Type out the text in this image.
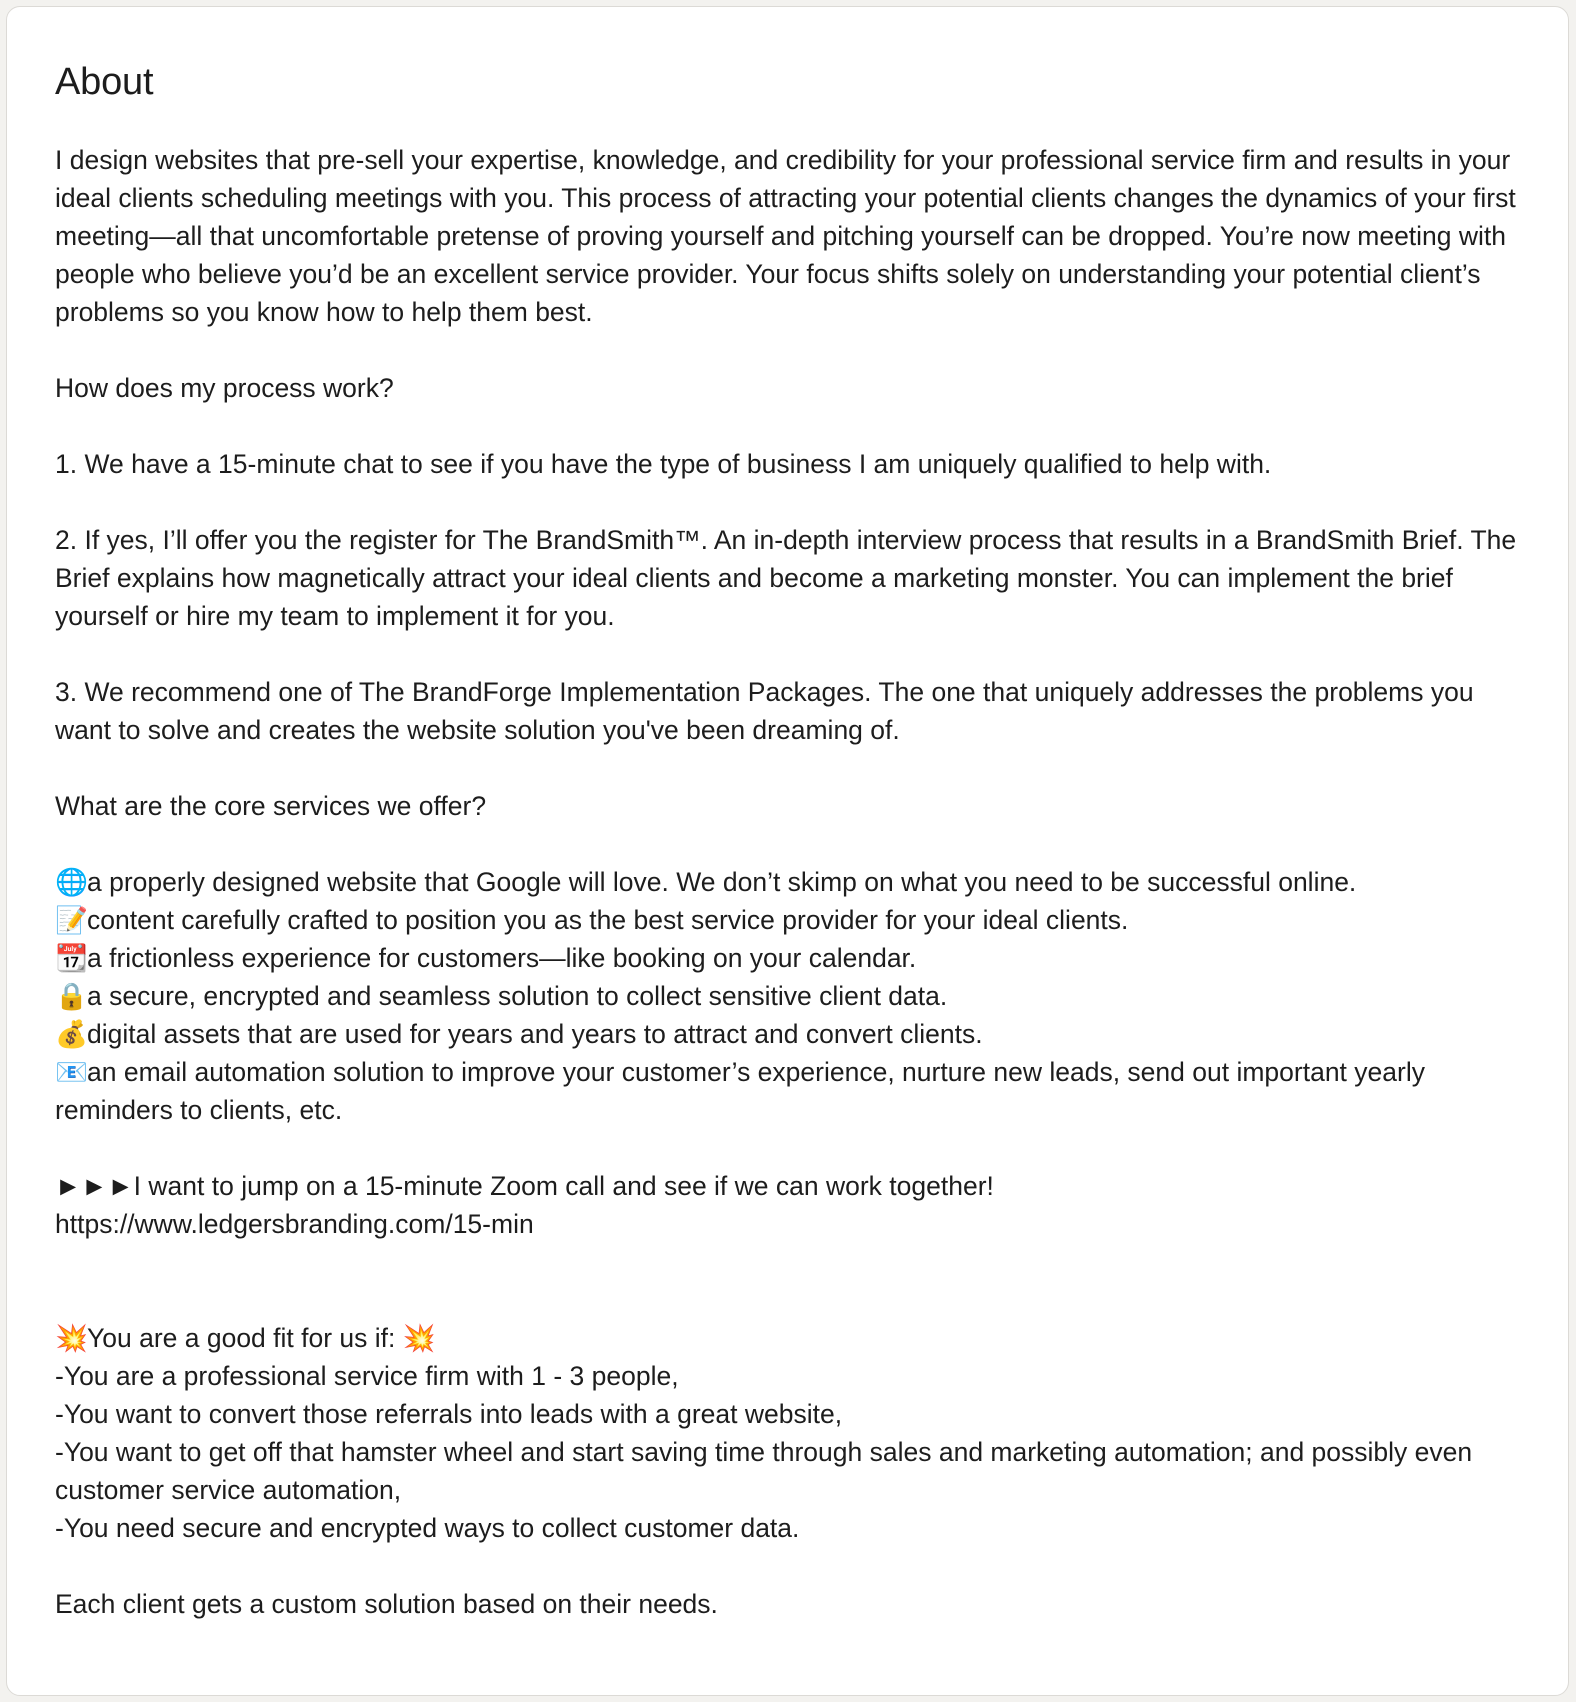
About

I design websites that pre-sell your expertise, knowledge, and credibility for your professional service firm and results in your ideal clients scheduling meetings with you. This process of attracting your potential clients changes the dynamics of your first meeting—all that uncomfortable pretense of proving yourself and pitching yourself can be dropped. You’re now meeting with people who believe you’d be an excellent service provider. Your focus shifts solely on understanding your potential client’s problems so you know how to help them best.

How does my process work?

1. We have a 15-minute chat to see if you have the type of business I am uniquely qualified to help with.

2. If yes, I’ll offer you the register for The BrandSmith™. An in-depth interview process that results in a BrandSmith Brief. The Brief explains how magnetically attract your ideal clients and become a marketing monster. You can implement the brief yourself or hire my team to implement it for you.

3. We recommend one of The BrandForge Implementation Packages. The one that uniquely addresses the problems you want to solve and creates the website solution you've been dreaming of.

What are the core services we offer?

🌐a properly designed website that Google will love. We don’t skimp on what you need to be successful online.

📝content carefully crafted to position you as the best service provider for your ideal clients.

📆a frictionless experience for customers—like booking on your calendar.

🔒a secure, encrypted and seamless solution to collect sensitive client data.

💰digital assets that are used for years and years to attract and convert clients.

📧an email automation solution to improve your customer’s experience, nurture new leads, send out important yearly reminders to clients, etc.

►►►I want to jump on a 15-minute Zoom call and see if we can work together!

https://www.ledgersbranding.com/15-min

💥You are a good fit for us if: 💥

-You are a professional service firm with 1 - 3 people,

-You want to convert those referrals into leads with a great website,

-You want to get off that hamster wheel and start saving time through sales and marketing automation; and possibly even customer service automation,

-You need secure and encrypted ways to collect customer data.

Each client gets a custom solution based on their needs.
